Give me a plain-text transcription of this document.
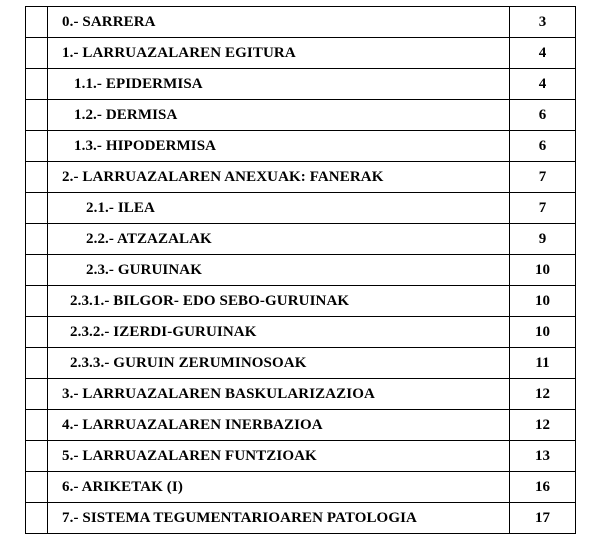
	0.- SARRERA	3
	1.- LARRUAZALAREN EGITURA	4
	1.1.- EPIDERMISA	4
	1.2.- DERMISA	6
	1.3.- HIPODERMISA	6
	2.- LARRUAZALAREN ANEXUAK: FANERAK	7
	2.1.- ILEA	7
	2.2.- ATZAZALAK	9
	2.3.- GURUINAK	10
	2.3.1.- BILGOR- EDO SEBO-GURUINAK	10
	2.3.2.- IZERDI-GURUINAK	10
	2.3.3.- GURUIN ZERUMINOSOAK	11
	3.- LARRUAZALAREN BASKULARIZAZIOA	12
	4.- LARRUAZALAREN INERBAZIOA	12
	5.- LARRUAZALAREN FUNTZIOAK	13
	6.- ARIKETAK (I)	16
	7.- SISTEMA TEGUMENTARIOAREN PATOLOGIA	17
